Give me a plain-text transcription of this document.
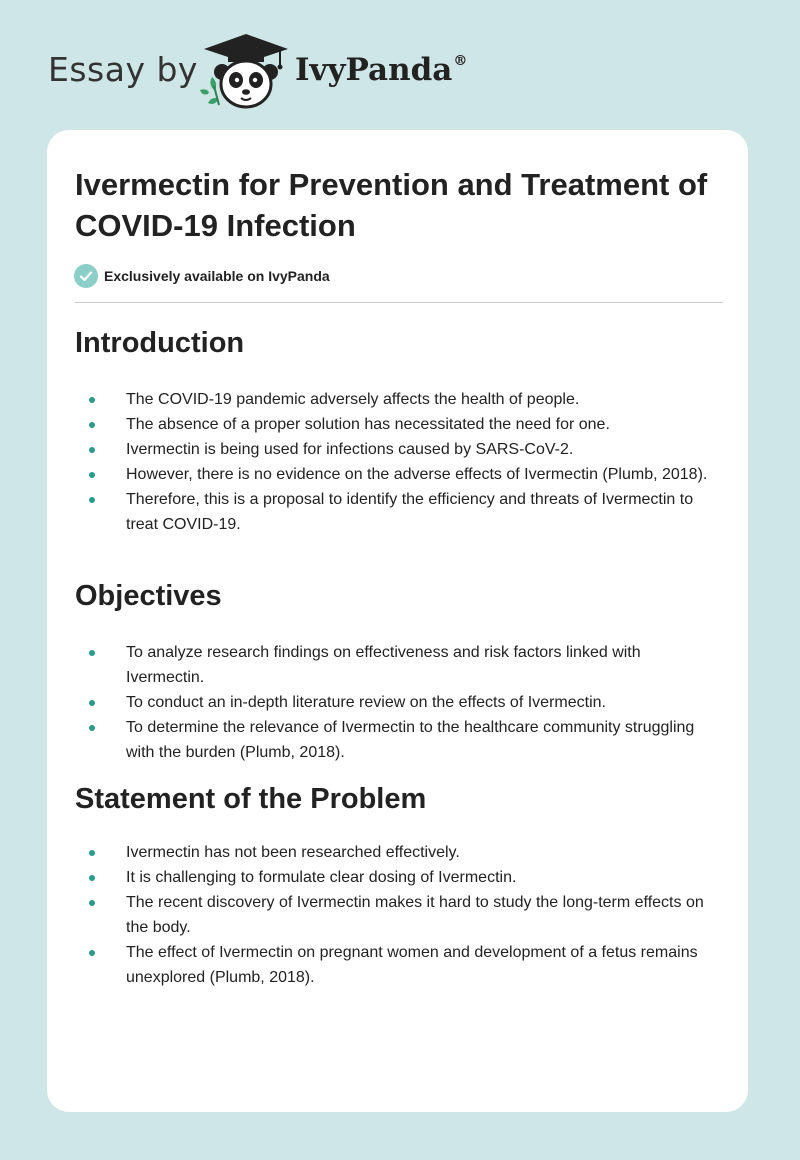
Essay by	IvyPanda®
Ivermectin for Prevention and Treatment of COVID-19 Infection
Exclusively available on IvyPanda
Introduction
The COVID-19 pandemic adversely affects the health of people.
The absence of a proper solution has necessitated the need for one.
Ivermectin is being used for infections caused by SARS-CoV-2.
However, there is no evidence on the adverse effects of Ivermectin (Plumb, 2018).
Therefore, this is a proposal to identify the efficiency and threats of Ivermectin to treat COVID-19.
Objectives
To analyze research findings on effectiveness and risk factors linked with Ivermectin.
To conduct an in-depth literature review on the effects of Ivermectin.
To determine the relevance of Ivermectin to the healthcare community struggling with the burden (Plumb, 2018).
Statement of the Problem
Ivermectin has not been researched effectively.
It is challenging to formulate clear dosing of Ivermectin.
The recent discovery of Ivermectin makes it hard to study the long-term effects on the body.
The effect of Ivermectin on pregnant women and development of a fetus remains unexplored (Plumb, 2018).
